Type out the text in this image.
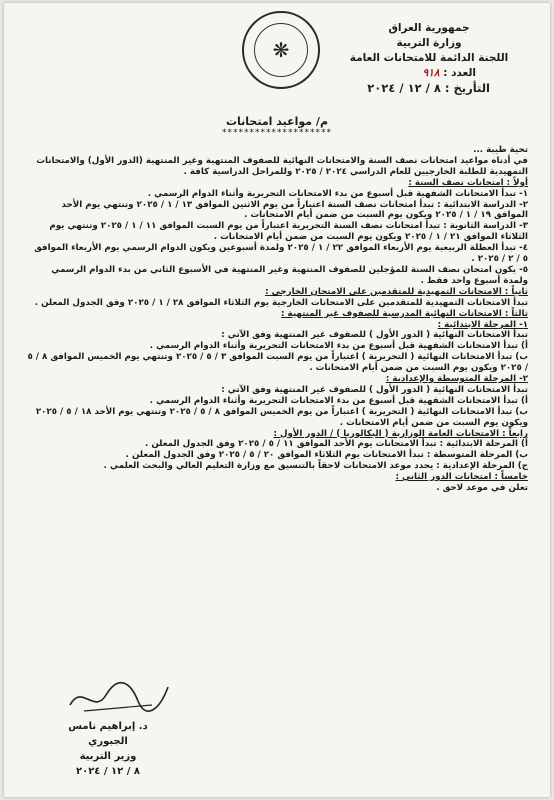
جمهورية العراق
وزارة التربية
اللجنة الدائمة للامتحانات العامة
العدد : ٩١٨
التأريخ : ٨ / ١٢ / ٢٠٢٤
❋
م/ مواعيد امتحانات
********************

تحية طيبة ...

في أدناه مواعيد امتحانات نصف السنة والامتحانات النهائية للصفوف المنتهية وغير المنتهية (الدور الأول) والامتحانات التمهيدية للطلبة الخارجيين للعام الدراسي ٢٠٢٤ / ٢٠٢٥ وللمراحل الدراسية كافة .

أولاً : امتحانات نصف السنة :

١- تبدأ الامتحانات الشفهية قبل أسبوع من بدء الامتحانات التحريرية وأثناء الدوام الرسمي .

٢- الدراسة الابتدائية : تبدأ امتحانات نصف السنة اعتباراً من يوم الاثنين الموافق ١٣ / ١ / ٢٠٢٥ وتنتهي يوم الأحد الموافق ١٩ / ١ / ٢٠٢٥ ويكون يوم السبت من ضمن أيام الامتحانات .

٣- الدراسة الثانوية : تبدأ امتحانات نصف السنة التحريرية اعتباراً من يوم السبت الموافق ١١ / ١ / ٢٠٢٥ وتنتهي يوم الثلاثاء الموافق ٢١ / ١ / ٢٠٢٥ ويكون يوم السبت من ضمن أيام الامتحانات .

٤- تبدأ العطلة الربيعية يوم الأربعاء الموافق ٢٢ / ١ / ٢٠٢٥ ولمدة أسبوعين ويكون الدوام الرسمي يوم الأربعاء الموافق ٥ / ٢ / ٢٠٢٥ .

٥- يكون امتحان نصف السنة للمؤجلين للصفوف المنتهية وغير المنتهية في الأسبوع الثاني من بدء الدوام الرسمي ولمدة أسبوع واحد فقط .

ثانياً : الامتحانات التمهيدية للمتقدمين على الامتحان الخارجي :

تبدأ الامتحانات التمهيدية للمتقدمين على الامتحانات الخارجية يوم الثلاثاء الموافق ٢٨ / ١ / ٢٠٢٥ وفق الجدول المعلن .

ثالثاً : الامتحانات النهائية المدرسية للصفوف غير المنتهية :

١- المرحلة الابتدائية :

تبدأ الامتحانات النهائية ( الدور الأول ) للصفوف غير المنتهية وفق الآتي :

أ) تبدأ الامتحانات الشفهية قبل أسبوع من بدء الامتحانات التحريرية وأثناء الدوام الرسمي .

ب) تبدأ الامتحانات النهائية ( التحريرية ) اعتباراً من يوم السبت الموافق ٣ / ٥ / ٢٠٢٥ وتنتهي يوم الخميس الموافق ٨ / ٥ / ٢٠٢٥ ويكون يوم السبت من ضمن أيام الامتحانات .

٢- المرحلة المتوسطة والإعدادية :

تبدأ الامتحانات النهائية ( الدور الأول ) للصفوف غير المنتهية وفق الآتي :

أ) تبدأ الامتحانات الشفهية قبل أسبوع من بدء الامتحانات التحريرية وأثناء الدوام الرسمي .

ب) تبدأ الامتحانات النهائية ( التحريرية ) اعتباراً من يوم الخميس الموافق ٨ / ٥ / ٢٠٢٥ وتنتهي يوم الأحد ١٨ / ٥ / ٢٠٢٥ ويكون يوم السبت من ضمن أيام الامتحانات .

رابعاً : الامتحانات العامة الوزارية ( البكالوريا ) / الدور الأول :

أ) المرحلة الابتدائية : تبدأ الامتحانات يوم الأحد الموافق ١١ / ٥ / ٢٠٢٥ وفق الجدول المعلن .

ب) المرحلة المتوسطة : تبدأ الامتحانات يوم الثلاثاء الموافق ٢٠ / ٥ / ٢٠٢٥ وفق الجدول المعلن .

ج) المرحلة الإعدادية : يحدد موعد الامتحانات لاحقاً بالتنسيق مع وزارة التعليم العالي والبحث العلمي .

خامساً : امتحانات الدور الثاني :

تعلن في موعد لاحق .

د. إبراهيم نامس الجبوري
وزير التربية
٨ / ١٢ / ٢٠٢٤
